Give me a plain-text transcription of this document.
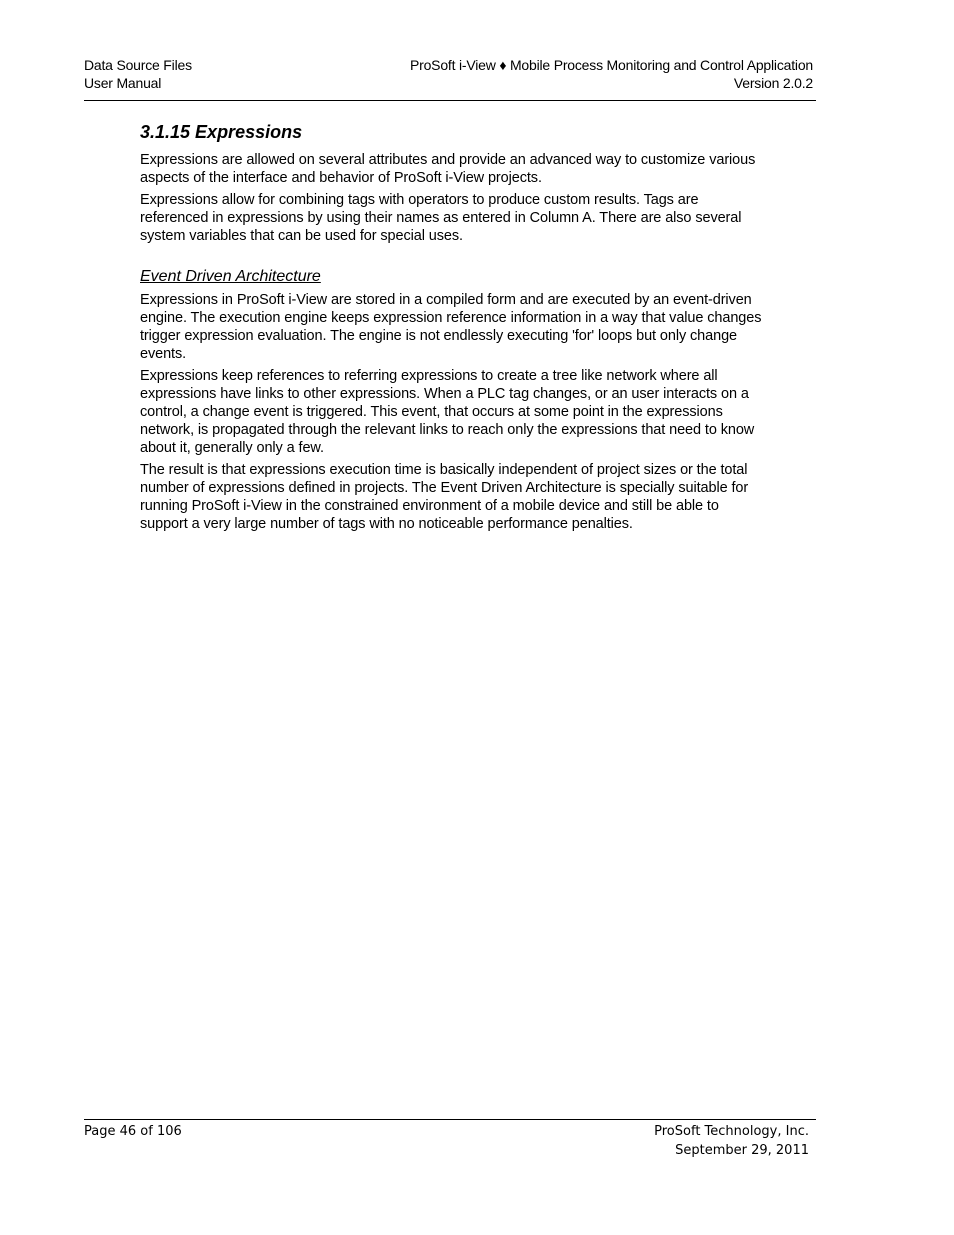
Data Source Files
User Manual
ProSoft i-View ♦ Mobile Process Monitoring and Control Application
Version 2.0.2
3.1.15 Expressions

Expressions are allowed on several attributes and provide an advanced way to customize various aspects of the interface and behavior of ProSoft i-View projects.

Expressions allow for combining tags with operators to produce custom results. Tags are referenced in expressions by using their names as entered in Column A. There are also several system variables that can be used for special uses.

Event Driven Architecture

Expressions in ProSoft i-View are stored in a compiled form and are executed by an event-driven engine. The execution engine keeps expression reference information in a way that value changes trigger expression evaluation. The engine is not endlessly executing 'for' loops but only change events.

Expressions keep references to referring expressions to create a tree like network where all expressions have links to other expressions. When a PLC tag changes, or an user interacts on a control, a change event is triggered. This event, that occurs at some point in the expressions network, is propagated through the relevant links to reach only the expressions that need to know about it, generally only a few.

The result is that expressions execution time is basically independent of project sizes or the total number of expressions defined in projects. The Event Driven Architecture is specially suitable for running ProSoft i-View in the constrained environment of a mobile device and still be able to support a very large number of tags with no noticeable performance penalties.

Page 46 of 106	ProSoft Technology, Inc.
September 29, 2011
